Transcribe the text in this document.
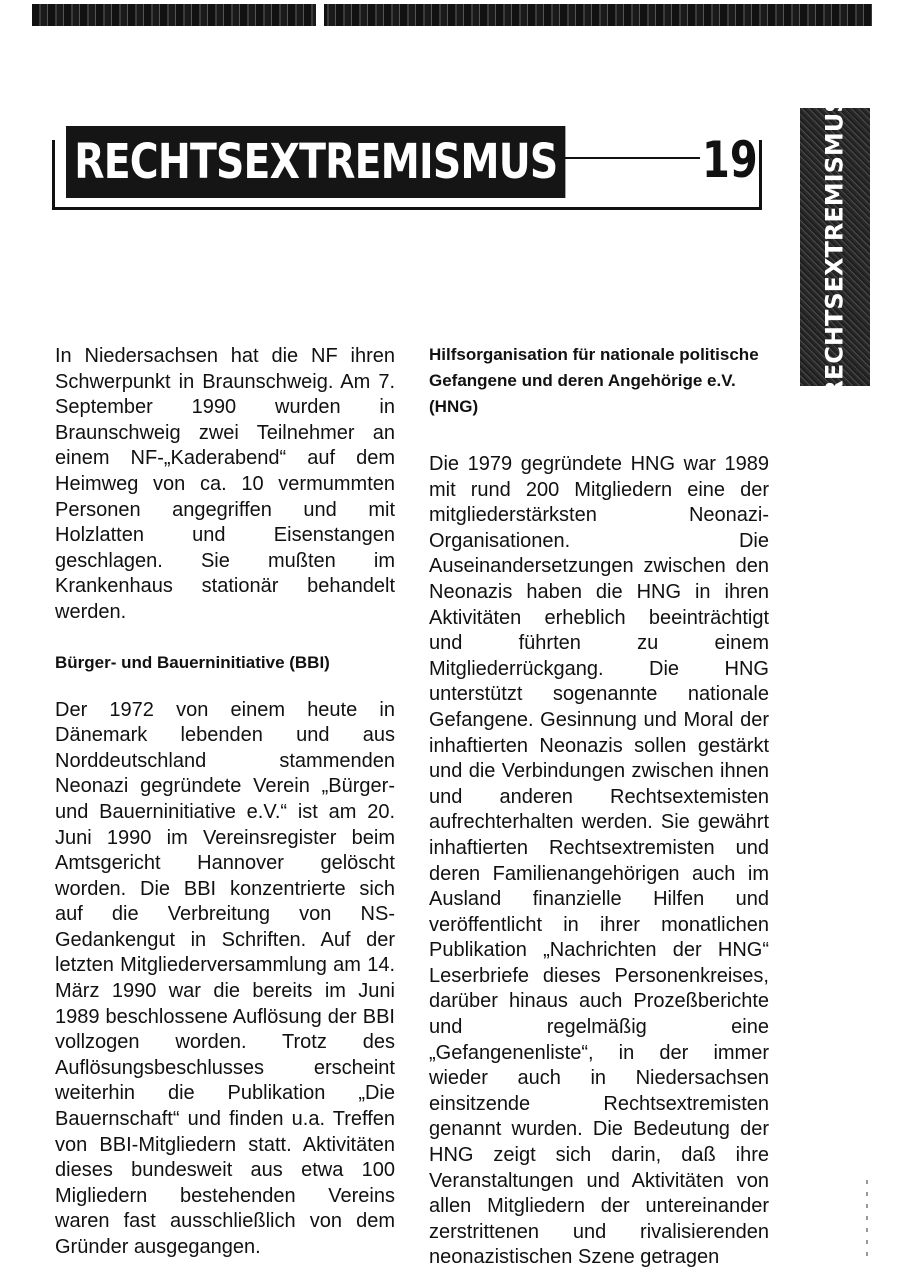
RECHTSEXTREMISMUS	19	RECHTSEXTREMISMUS

In Niedersachsen hat die NF ihren Schwerpunkt in Braunschweig. Am 7. September 1990 wurden in Braunschweig zwei Teilnehmer an einem NF-„Kaderabend“ auf dem Heimweg von ca. 10 vermummten Personen angegriffen und mit Holzlatten und Eisenstangen geschlagen. Sie mußten im Krankenhaus stationär behandelt werden.

Bürger- und Bauerninitiative (BBI)

Der 1972 von einem heute in Dänemark lebenden und aus Norddeutschland stammenden Neonazi gegründete Verein „Bürger- und Bauerninitiative e.V.“ ist am 20. Juni 1990 im Vereinsregister beim Amtsgericht Hannover gelöscht worden. Die BBI konzentrierte sich auf die Verbreitung von NS-Gedankengut in Schriften. Auf der letzten Mitgliederversammlung am 14. März 1990 war die bereits im Juni 1989 beschlossene Auflösung der BBI vollzogen worden. Trotz des Auflösungsbeschlusses erscheint weiterhin die Publikation „Die Bauernschaft“ und finden u.a. Treffen von BBI-Mitgliedern statt. Aktivitäten dieses bundesweit aus etwa 100 Migliedern bestehenden Vereins waren fast ausschließlich von dem Gründer ausgegangen.

Hilfsorganisation für nationale politische Gefangene und deren Angehörige e.V. (HNG)

Die 1979 gegründete HNG war 1989 mit rund 200 Mitgliedern eine der mitgliederstärksten Neonazi-Organisationen. Die Auseinandersetzungen zwischen den Neonazis haben die HNG in ihren Aktivitäten erheblich beeinträchtigt und führten zu einem Mitgliederrückgang. Die HNG unterstützt sogenannte nationale Gefangene. Gesinnung und Moral der inhaftierten Neonazis sollen gestärkt und die Verbindungen zwischen ihnen und anderen Rechtsextemisten aufrechterhalten werden. Sie gewährt inhaftierten Rechtsextremisten und deren Familienangehörigen auch im Ausland finanzielle Hilfen und veröffentlicht in ihrer monatlichen Publikation „Nachrichten der HNG“ Leserbriefe dieses Personenkreises, darüber hinaus auch Prozeßberichte und regelmäßig eine „Gefangenenliste“, in der immer wieder auch in Niedersachsen einsitzende Rechtsextremisten genannt wurden. Die Bedeutung der HNG zeigt sich darin, daß ihre Veranstaltungen und Aktivitäten von allen Mitgliedern der untereinander zerstrittenen und rivalisierenden neonazistischen Szene getragen
